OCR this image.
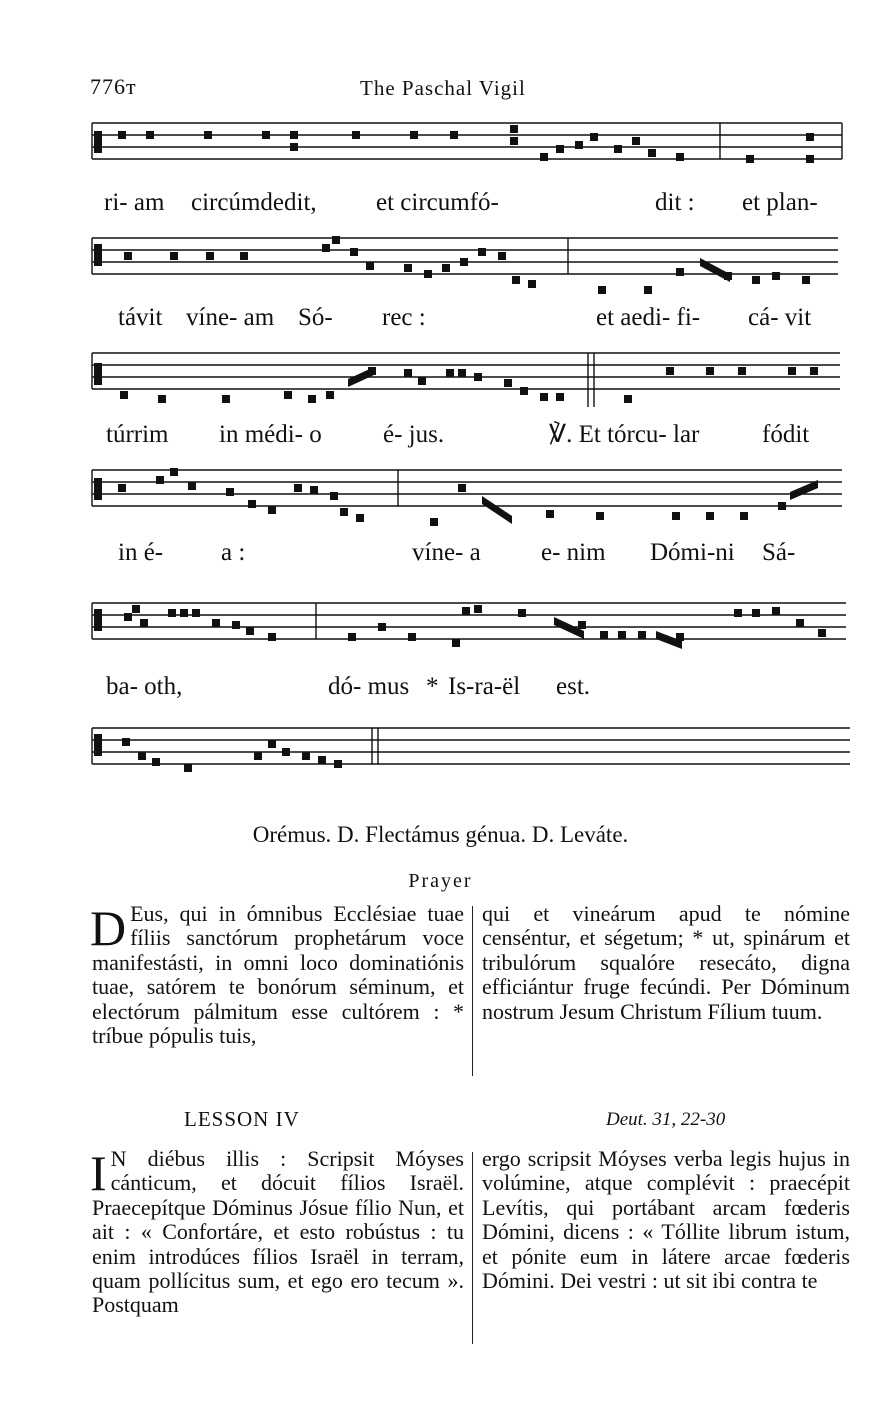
776т	The Paschal Vigil
ri- am circúmdedit, et circumfó-	dit : et plan-
távit víne- am Só- rec :	et aedi- fi- cá- vit
túrrim in médi- o é- jus.	℣. Et tórcu- lar	fódit
in é- a :	víne- a e- nim Dómi-ni Sá-
ba- oth,	dó- mus * Is-ra-ël est.
Orémus. D. Flectámus génua. D. Leváte.
Prayer

D Eus, qui in ómnibus Ecclésiae tuae fíliis sanctórum prophetárum voce manifestásti, in omni loco dominatiónis tuae, satórem te bonórum séminum, et electórum pálmitum esse cultórem : * tríbue pópulis tuis,

qui et vineárum apud te nómine censéntur, et ségetum; * ut, spinárum et tribulórum squalóre resecáto, digna efficiántur fruge fecúndi. Per Dóminum nostrum Jesum Christum Fílium tuum.

LESSON IV	Deut. 31, 22-30

I N diébus illis : Scripsit Móyses cánticum, et dócuit fílios Israël. Praecepítque Dóminus Jósue fílio Nun, et ait : « Confortáre, et esto robústus : tu enim introdúces fílios Israël in terram, quam pollícitus sum, et ego ero tecum ». Postquam

ergo scripsit Móyses verba legis hujus in volúmine, atque complévit : praecépit Levítis, qui portábant arcam fœderis Dómini, dicens : « Tóllite librum istum, et pónite eum in látere arcae fœderis Dómini. Dei vestri : ut sit ibi contra te
